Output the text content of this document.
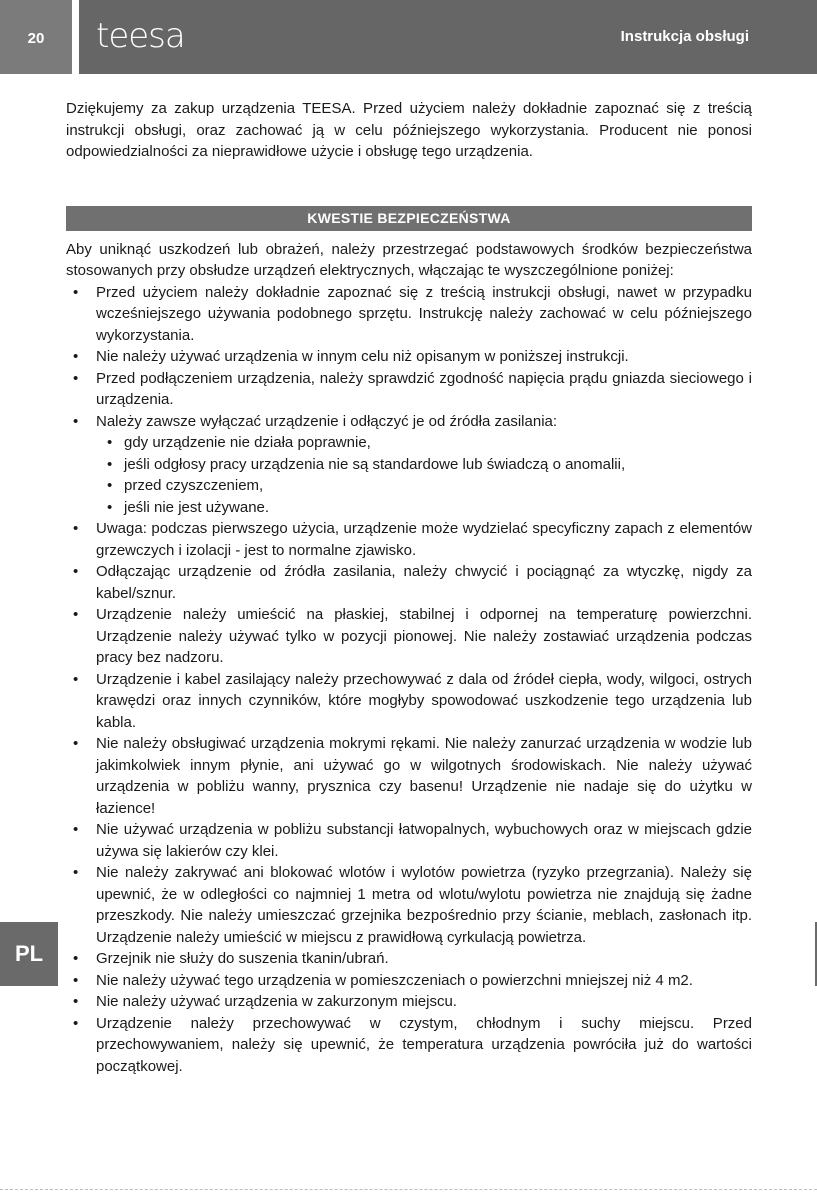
20	teesa	Instrukcja obsługi

Dziękujemy za zakup urządzenia TEESA. Przed użyciem należy dokładnie zapoznać się z treścią instrukcji obsługi, oraz zachować ją w celu późniejszego wykorzystania. Producent nie ponosi odpowiedzialności za nieprawidłowe użycie i obsługę tego urządzenia.

KWESTIE BEZPIECZEŃSTWA

Aby uniknąć uszkodzeń lub obrażeń, należy przestrzegać podstawowych środków bezpieczeństwa stosowanych przy obsłudze urządzeń elektrycznych, włączając te wyszczególnione poniżej:

• Przed użyciem należy dokładnie zapoznać się z treścią instrukcji obsługi, nawet w przypadku wcześniejszego używania podobnego sprzętu. Instrukcję należy zachować w celu późniejszego wykorzystania.
• Nie należy używać urządzenia w innym celu niż opisanym w poniższej instrukcji.
• Przed podłączeniem urządzenia, należy sprawdzić zgodność napięcia prądu gniazda sieciowego i urządzenia.
• Należy zawsze wyłączać urządzenie i odłączyć je od źródła zasilania:
• gdy urządzenie nie działa poprawnie,
• jeśli odgłosy pracy urządzenia nie są standardowe lub świadczą o anomalii,
• przed czyszczeniem,
• jeśli nie jest używane.
• Uwaga: podczas pierwszego użycia, urządzenie może wydzielać specyficzny zapach z elementów grzewczych i izolacji - jest to normalne zjawisko.
• Odłączając urządzenie od źródła zasilania, należy chwycić i pociągnąć za wtyczkę, nigdy za kabel/sznur.
• Urządzenie należy umieścić na płaskiej, stabilnej i odpornej na temperaturę powierzchni. Urządzenie należy używać tylko w pozycji pionowej. Nie należy zostawiać urządzenia podczas pracy bez nadzoru.
• Urządzenie i kabel zasilający należy przechowywać z dala od źródeł ciepła, wody, wilgoci, ostrych krawędzi oraz innych czynników, które mogłyby spowodować uszkodzenie tego urządzenia lub kabla.
• Nie należy obsługiwać urządzenia mokrymi rękami. Nie należy zanurzać urządzenia w wodzie lub jakimkolwiek innym płynie, ani używać go w wilgotnych środowiskach. Nie należy używać urządzenia w pobliżu wanny, prysznica czy basenu! Urządzenie nie nadaje się do użytku w łazience!
• Nie używać urządzenia w pobliżu substancji łatwopalnych, wybuchowych oraz w miejscach gdzie używa się lakierów czy klei.
• Nie należy zakrywać ani blokować wlotów i wylotów powietrza (ryzyko przegrzania). Należy się upewnić, że w odległości co najmniej 1 metra od wlotu/wylotu powietrza nie znajdują się żadne przeszkody. Nie należy umieszczać grzejnika bezpośrednio przy ścianie, meblach, zasłonach itp. Urządzenie należy umieścić w miejscu z prawidłową cyrkulacją powietrza.
• Grzejnik nie służy do suszenia tkanin/ubrań.
• Nie należy używać tego urządzenia w pomieszczeniach o powierzchni mniejszej niż 4 m2.
• Nie należy używać urządzenia w zakurzonym miejscu.
• Urządzenie należy przechowywać w czystym, chłodnym i suchy miejscu. Przed przechowywaniem, należy się upewnić, że temperatura urządzenia powróciła już do wartości początkowej.
PL
